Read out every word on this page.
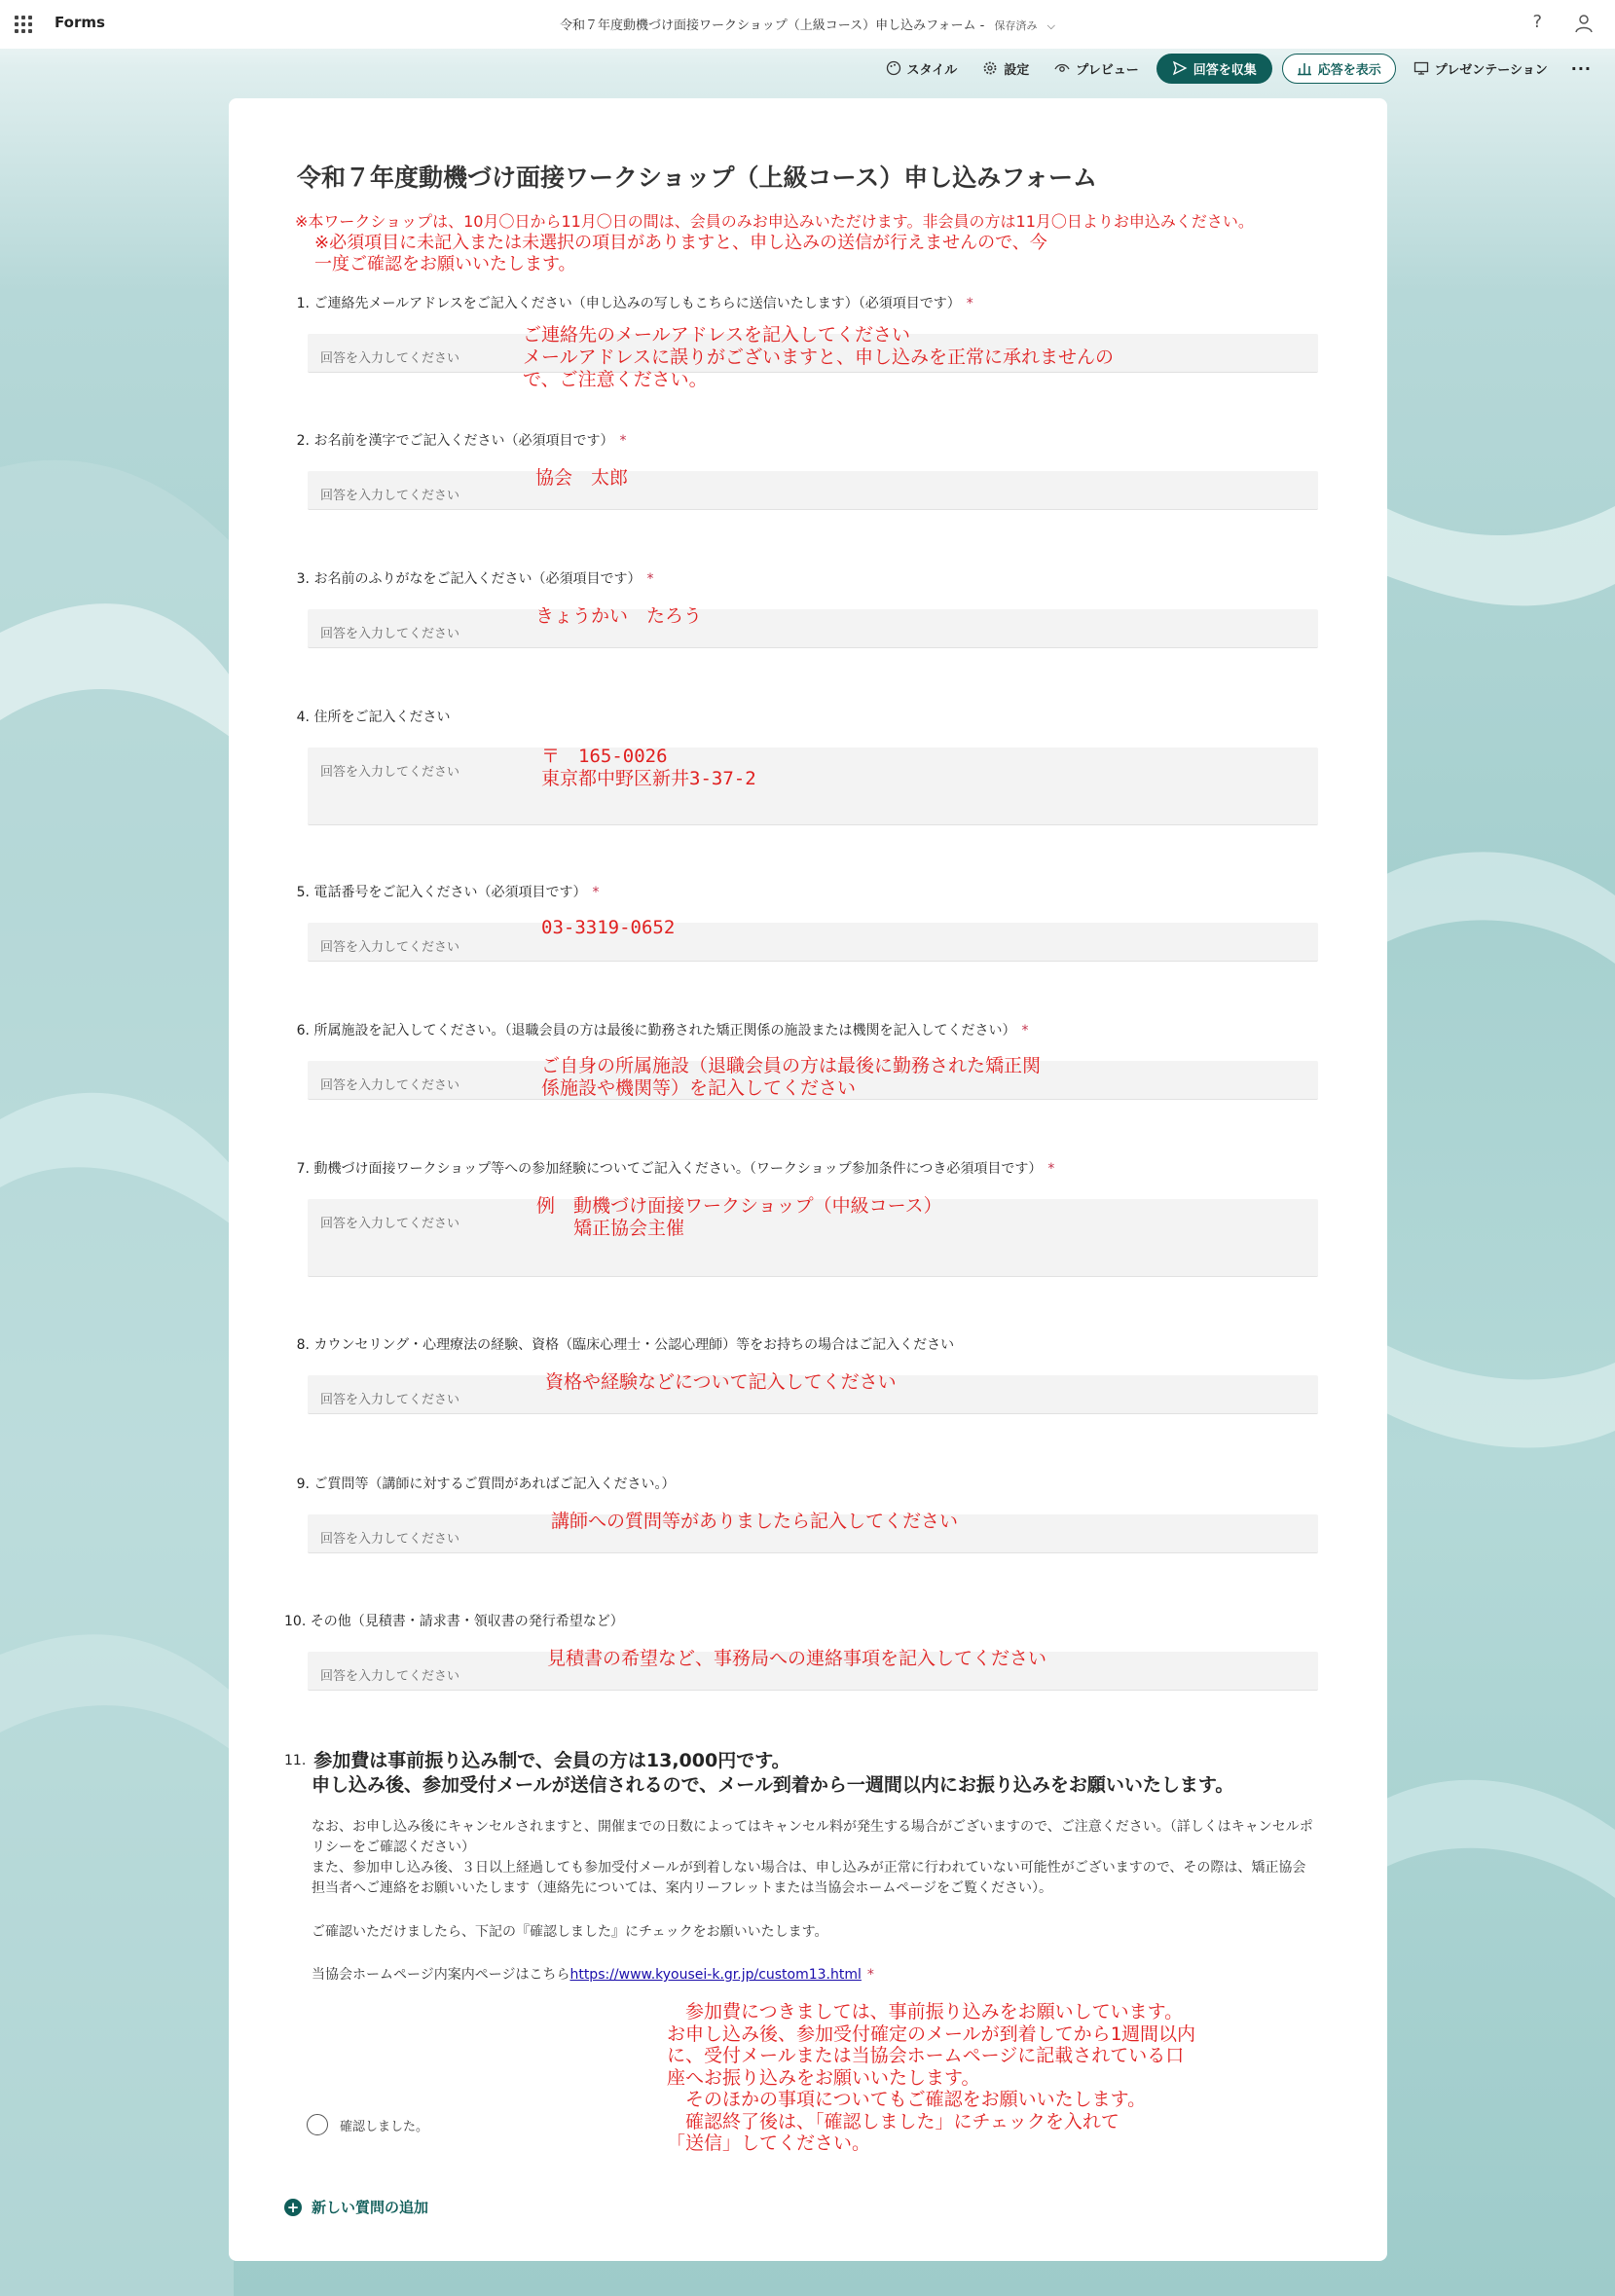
Forms	令和７年度動機づけ面接ワークショップ（上級コース）申し込みフォーム - 保存済み ⌵	?
スタイル	設定	プレビュー	回答を収集	応答を表示	プレゼンテーション	···
令和７年度動機づけ面接ワークショップ（上級コース）申し込みフォーム
※本ワークショップは、10月〇日から11月〇日の間は、会員のみお申込みいただけます。非会員の方は11月〇日よりお申込みください。
※必須項目に未記入または未選択の項目がありますと、申し込みの送信が行えませんので、今
一度ご確認をお願いいたします。
1. ご連絡先メールアドレスをご記入ください（申し込みの写しもこちらに送信いたします）（必須項目です） *
回答を入力してください
ご連絡先のメールアドレスを記入してください
メールアドレスに誤りがございますと、申し込みを正常に承れませんの
で、ご注意ください。
2. お名前を漢字でご記入ください（必須項目です） *
回答を入力してください
協会　太郎
3. お名前のふりがなをご記入ください（必須項目です） *
回答を入力してください
きょうかい　たろう
4. 住所をご記入ください
回答を入力してください
〒　165-0026
東京都中野区新井3-37-2
5. 電話番号をご記入ください（必須項目です） *
回答を入力してください
03-3319-0652
6. 所属施設を記入してください。（退職会員の方は最後に勤務された矯正関係の施設または機関を記入してください） *
回答を入力してください
ご自身の所属施設（退職会員の方は最後に勤務された矯正関
係施設や機関等）を記入してください
7. 動機づけ面接ワークショップ等への参加経験についてご記入ください。（ワークショップ参加条件につき必須項目です） *
回答を入力してください
例　動機づけ面接ワークショップ（中級コース）
　　矯正協会主催
8. カウンセリング・心理療法の経験、資格（臨床心理士・公認心理師）等をお持ちの場合はご記入ください
回答を入力してください
資格や経験などについて記入してください
9. ご質問等（講師に対するご質問があればご記入ください。）
回答を入力してください
講師への質問等がありましたら記入してください
10. その他（見積書・請求書・領収書の発行希望など）
回答を入力してください
見積書の希望など、事務局への連絡事項を記入してください
$^{11.}$ 参加費は事前振り込み制で、会員の方は13,000円です。
申し込み後、参加受付メールが送信されるので、メール到着から一週間以内にお振り込みをお願いいたします。
なお、お申し込み後にキャンセルされますと、開催までの日数によってはキャンセル料が発生する場合がございますので、ご注意ください。（詳しくはキャンセルポリシーをご確認ください）
また、参加申し込み後、３日以上経過しても参加受付メールが到着しない場合は、申し込みが正常に行われていない可能性がございますので、その際は、矯正協会担当者へご連絡をお願いいたします（連絡先については、案内リーフレットまたは当協会ホームページをご覧ください）。
ご確認いただけましたら、下記の『確認しました』にチェックをお願いいたします。
当協会ホームページ内案内ページはこちらhttps://www.kyousei-k.gr.jp/custom13.html *
確認しました。
　参加費につきましては、事前振り込みをお願いしています。
お申し込み後、参加受付確定のメールが到着してから1週間以内
に、受付メールまたは当協会ホームページに記載されている口
座へお振り込みをお願いいたします。
　そのほかの事項についてもご確認をお願いいたします。
　確認終了後は、「確認しました」にチェックを入れて
「送信」してください。
+ 新しい質問の追加
